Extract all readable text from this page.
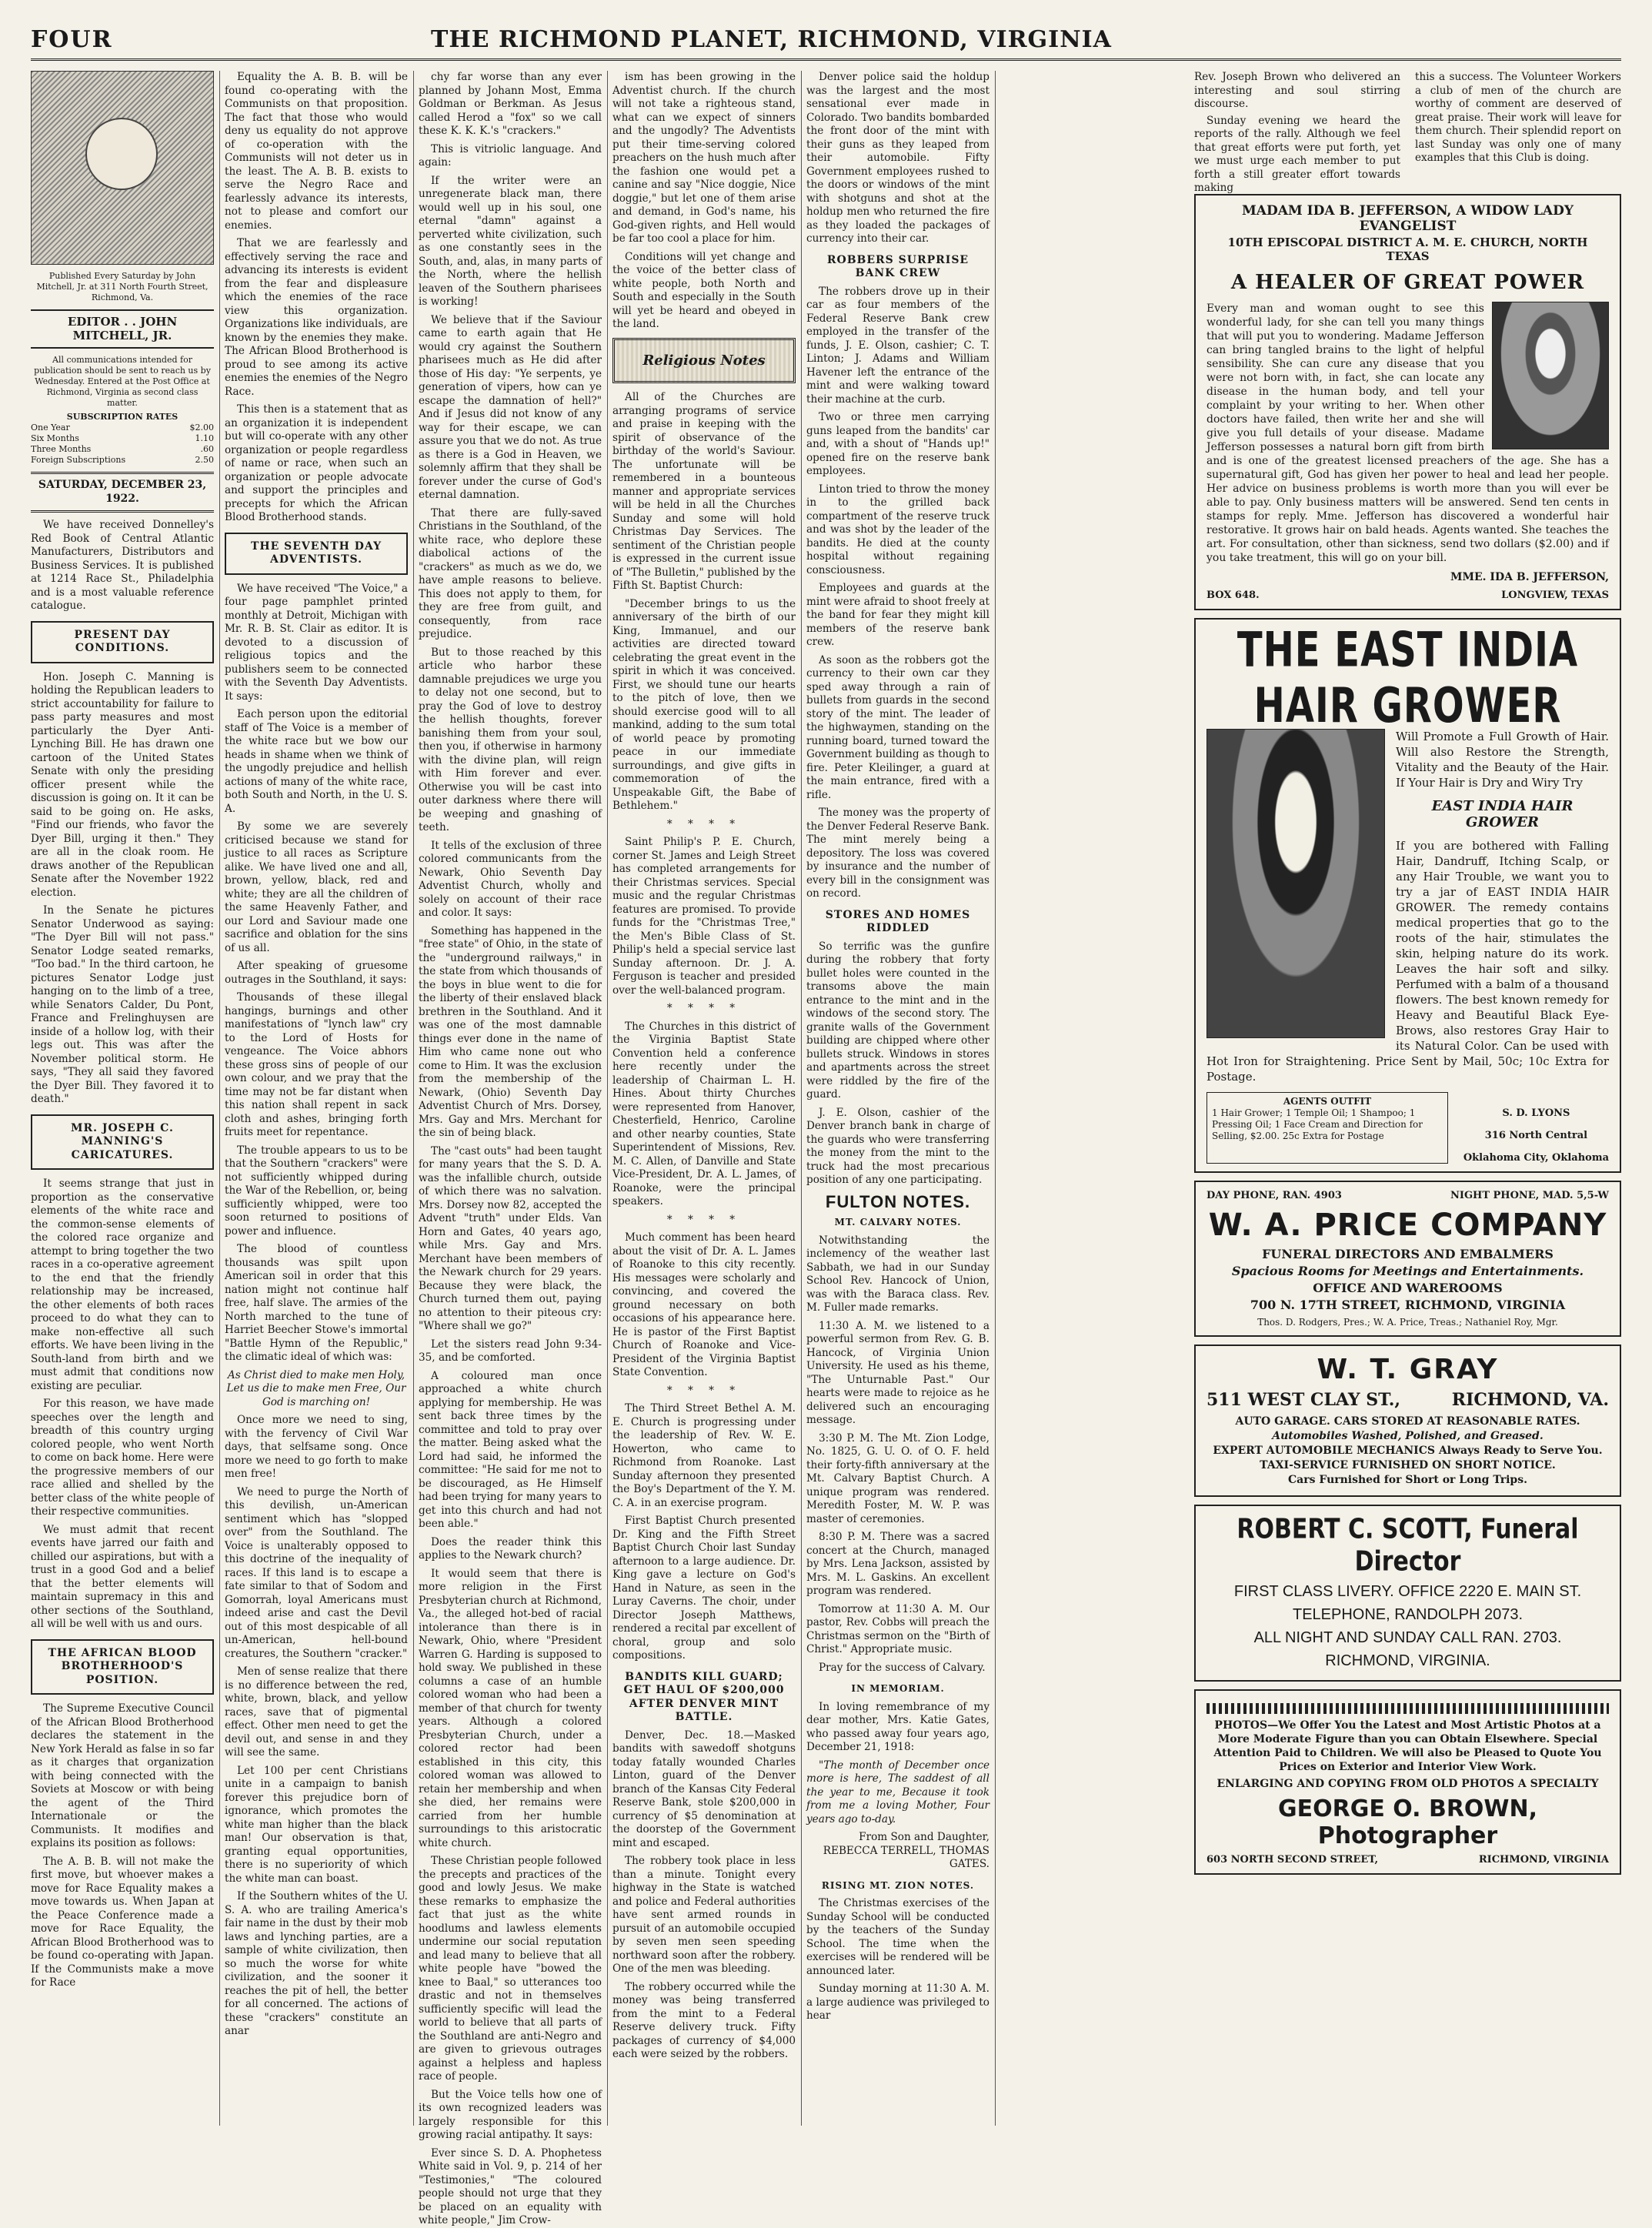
FOUR	THE RICHMOND PLANET, RICHMOND, VIRGINIA
Published Every Saturday by John Mitchell, Jr. at 311 North Fourth Street, Richmond, Va.
EDITOR . . JOHN MITCHELL, JR.
All communications intended for publication should be sent to reach us by Wednesday. Entered at the Post Office at Richmond, Virginia as second class matter.
SUBSCRIPTION RATES
One Year	$2.00
Six Months	1.10
Three Months	.60
Foreign Subscriptions	2.50
SATURDAY, DECEMBER 23, 1922.

We have received Donnelley's Red Book of Central Atlantic Manufacturers, Distributors and Business Services. It is published at 1214 Race St., Philadelphia and is a most valuable reference catalogue.

PRESENT DAY CONDITIONS.

Hon. Joseph C. Manning is holding the Republican leaders to strict accountability for failure to pass party measures and most particularly the Dyer Anti-Lynching Bill. He has drawn one cartoon of the United States Senate with only the presiding officer present while the discussion is going on. It it can be said to be going on. He asks, "Find our friends, who favor the Dyer Bill, urging it then." They are all in the cloak room. He draws another of the Republican Senate after the November 1922 election.

In the Senate he pictures Senator Underwood as saying: "The Dyer Bill will not pass." Senator Lodge seated remarks, "Too bad." In the third cartoon, he pictures Senator Lodge just hanging on to the limb of a tree, while Senators Calder, Du Pont, France and Frelinghuysen are inside of a hollow log, with their legs out. This was after the November political storm. He says, "They all said they favored the Dyer Bill. They favored it to death."

MR. JOSEPH C. MANNING'S CARICATURES.

It seems strange that just in proportion as the conservative elements of the white race and the common-sense elements of the colored race organize and attempt to bring together the two races in a co-operative agreement to the end that the friendly relationship may be increased, the other elements of both races proceed to do what they can to make non-effective all such efforts. We have been living in the South-land from birth and we must admit that conditions now existing are peculiar.

For this reason, we have made speeches over the length and breadth of this country urging colored people, who went North to come on back home. Here were the progressive members of our race allied and shelled by the better class of the white people of their respective communities.

We must admit that recent events have jarred our faith and chilled our aspirations, but with a trust in a good God and a belief that the better elements will maintain supremacy in this and other sections of the Southland, all will be well with us and ours.

THE AFRICAN BLOOD BROTHERHOOD'S POSITION.

The Supreme Executive Council of the African Blood Brotherhood declares the statement in the New York Herald as false in so far as it charges that organization with being connected with the Soviets at Moscow or with being the agent of the Third Internationale or the Communists. It modifies and explains its position as follows:

The A. B. B. will not make the first move, but whoever makes a move for Race Equality makes a move towards us. When Japan at the Peace Conference made a move for Race Equality, the African Blood Brotherhood was to be found co-operating with Japan. If the Communists make a move for Race

Equality the A. B. B. will be found co-operating with the Communists on that proposition. The fact that those who would deny us equality do not approve of co-operation with the Communists will not deter us in the least. The A. B. B. exists to serve the Negro Race and fearlessly advance its interests, not to please and comfort our enemies.

That we are fearlessly and effectively serving the race and advancing its interests is evident from the fear and displeasure which the enemies of the race view this organization. Organizations like individuals, are known by the enemies they make. The African Blood Brotherhood is proud to see among its active enemies the enemies of the Negro Race.

This then is a statement that as an organization it is independent but will co-operate with any other organization or people regardless of name or race, when such an organization or people advocate and support the principles and precepts for which the African Blood Brotherhood stands.

THE SEVENTH DAY ADVENTISTS.

We have received "The Voice," a four page pamphlet printed monthly at Detroit, Michigan with Mr. R. B. St. Clair as editor. It is devoted to a discussion of religious topics and the publishers seem to be connected with the Seventh Day Adventists. It says:

Each person upon the editorial staff of The Voice is a member of the white race but we bow our heads in shame when we think of the ungodly prejudice and hellish actions of many of the white race, both South and North, in the U. S. A.

By some we are severely criticised because we stand for justice to all races as Scripture alike. We have lived one and all, brown, yellow, black, red and white; they are all the children of the same Heavenly Father, and our Lord and Saviour made one sacrifice and oblation for the sins of us all.

After speaking of gruesome outrages in the Southland, it says:

Thousands of these illegal hangings, burnings and other manifestations of "lynch law" cry to the Lord of Hosts for vengeance. The Voice abhors these gross sins of people of our own colour, and we pray that the time may not be far distant when this nation shall repent in sack cloth and ashes, bringing forth fruits meet for repentance.

The trouble appears to us to be that the Southern "crackers" were not sufficiently whipped during the War of the Rebellion, or, being sufficiently whipped, were too soon returned to positions of power and influence.

The blood of countless thousands was spilt upon American soil in order that this nation might not continue half free, half slave. The armies of the North marched to the tune of Harriet Beecher Stowe's immortal "Battle Hymn of the Republic," the climatic ideal of which was:

As Christ died to make men Holy, Let us die to make men Free, Our God is marching on!

Once more we need to sing, with the fervency of Civil War days, that selfsame song. Once more we need to go forth to make men free!

We need to purge the North of this devilish, un-American sentiment which has "slopped over" from the Southland. The Voice is unalterably opposed to this doctrine of the inequality of races. If this land is to escape a fate similar to that of Sodom and Gomorrah, loyal Americans must indeed arise and cast the Devil out of this most despicable of all un-American, hell-bound creatures, the Southern "cracker."

Men of sense realize that there is no difference between the red, white, brown, black, and yellow races, save that of pigmental effect. Other men need to get the devil out, and sense in and they will see the same.

Let 100 per cent Christians unite in a campaign to banish forever this prejudice born of ignorance, which promotes the white man higher than the black man! Our observation is that, granting equal opportunities, there is no superiority of which the white man can boast.

If the Southern whites of the U. S. A. who are trailing America's fair name in the dust by their mob laws and lynching parties, are a sample of white civilization, then so much the worse for white civilization, and the sooner it reaches the pit of hell, the better for all concerned. The actions of these "crackers" constitute an anar

chy far worse than any ever planned by Johann Most, Emma Goldman or Berkman. As Jesus called Herod a "fox" so we call these K. K. K.'s "crackers."

This is vitriolic language. And again:

If the writer were an unregenerate black man, there would well up in his soul, one eternal "damn" against a perverted white civilization, such as one constantly sees in the South, and, alas, in many parts of the North, where the hellish leaven of the Southern pharisees is working!

We believe that if the Saviour came to earth again that He would cry against the Southern pharisees much as He did after those of His day: "Ye serpents, ye generation of vipers, how can ye escape the damnation of hell?" And if Jesus did not know of any way for their escape, we can assure you that we do not. As true as there is a God in Heaven, we solemnly affirm that they shall be forever under the curse of God's eternal damnation.

That there are fully-saved Christians in the Southland, of the white race, who deplore these diabolical actions of the "crackers" as much as we do, we have ample reasons to believe. This does not apply to them, for they are free from guilt, and consequently, from race prejudice.

But to those reached by this article who harbor these damnable prejudices we urge you to delay not one second, but to pray the God of love to destroy the hellish thoughts, forever banishing them from your soul, then you, if otherwise in harmony with the divine plan, will reign with Him forever and ever. Otherwise you will be cast into outer darkness where there will be weeping and gnashing of teeth.

It tells of the exclusion of three colored communicants from the Newark, Ohio Seventh Day Adventist Church, wholly and solely on account of their race and color. It says:

Something has happened in the "free state" of Ohio, in the state of the "underground railways," in the state from which thousands of the boys in blue went to die for the liberty of their enslaved black brethren in the Southland. And it was one of the most damnable things ever done in the name of Him who came none out who come to Him. It was the exclusion from the membership of the Newark, (Ohio) Seventh Day Adventist Church of Mrs. Dorsey, Mrs. Gay and Mrs. Merchant for the sin of being black.

The "cast outs" had been taught for many years that the S. D. A. was the infallible church, outside of which there was no salvation. Mrs. Dorsey now 82, accepted the Advent "truth" under Elds. Van Horn and Gates, 40 years ago, while Mrs. Gay and Mrs. Merchant have been members of the Newark church for 29 years. Because they were black, the Church turned them out, paying no attention to their piteous cry: "Where shall we go?"

Let the sisters read John 9:34-35, and be comforted.

A coloured man once approached a white church applying for membership. He was sent back three times by the committee and told to pray over the matter. Being asked what the Lord had said, he informed the committee: "He said for me not to be discouraged, as He Himself had been trying for many years to get into this church and had not been able."

Does the reader think this applies to the Newark church?

It would seem that there is more religion in the First Presbyterian church at Richmond, Va., the alleged hot-bed of racial intolerance than there is in Newark, Ohio, where "President Warren G. Harding is supposed to hold sway. We published in these columns a case of an humble colored woman who had been a member of that church for twenty years. Although a colored Presbyterian Church, under a colored rector had been established in this city, this colored woman was allowed to retain her membership and when she died, her remains were carried from her humble surroundings to this aristocratic white church.

These Christian people followed the precepts and practices of the good and lowly Jesus. We make these remarks to emphasize the fact that just as the white hoodlums and lawless elements undermine our social reputation and lead many to believe that all white people have "bowed the knee to Baal," so utterances too drastic and not in themselves sufficiently specific will lead the world to believe that all parts of the Southland are anti-Negro and are given to grievous outrages against a helpless and hapless race of people.

But the Voice tells how one of its own recognized leaders was largely responsible for this growing racial antipathy. It says:

Ever since S. D. A. Phophetess White said in Vol. 9, p. 214 of her "Testimonies," "The coloured people should not urge that they be placed on an equality with white people," Jim Crow-

ism has been growing in the Adventist church. If the church will not take a righteous stand, what can we expect of sinners and the ungodly? The Adventists put their time-serving colored preachers on the hush much after the fashion one would pet a canine and say "Nice doggie, Nice doggie," but let one of them arise and demand, in God's name, his God-given rights, and Hell would be far too cool a place for him.

Conditions will yet change and the voice of the better class of white people, both North and South and especially in the South will yet be heard and obeyed in the land.

Religious Notes

All of the Churches are arranging programs of service and praise in keeping with the spirit of observance of the birthday of the world's Saviour. The unfortunate will be remembered in a bounteous manner and appropriate services will be held in all the Churches Sunday and some will hold Christmas Day Services. The sentiment of the Christian people is expressed in the current issue of "The Bulletin," published by the Fifth St. Baptist Church:

"December brings to us the anniversary of the birth of our King, Immanuel, and our activities are directed toward celebrating the great event in the spirit in which it was conceived. First, we should tune our hearts to the pitch of love, then we should exercise good will to all mankind, adding to the sum total of world peace by promoting peace in our immediate surroundings, and give gifts in commemoration of the Unspeakable Gift, the Babe of Bethlehem."

* * * *

Saint Philip's P. E. Church, corner St. James and Leigh Street has completed arrangements for their Christmas services. Special music and the regular Christmas features are promised. To provide funds for the "Christmas Tree," the Men's Bible Class of St. Philip's held a special service last Sunday afternoon. Dr. J. A. Ferguson is teacher and presided over the well-balanced program.

* * * *

The Churches in this district of the Virginia Baptist State Convention held a conference here recently under the leadership of Chairman L. H. Hines. About thirty Churches were represented from Hanover, Chesterfield, Henrico, Caroline and other nearby counties, State Superintendent of Missions, Rev. M. C. Allen, of Danville and State Vice-President, Dr. A. L. James, of Roanoke, were the principal speakers.

* * * *

Much comment has been heard about the visit of Dr. A. L. James of Roanoke to this city recently. His messages were scholarly and convincing, and covered the ground necessary on both occasions of his appearance here. He is pastor of the First Baptist Church of Roanoke and Vice-President of the Virginia Baptist State Convention.

* * * *

The Third Street Bethel A. M. E. Church is progressing under the leadership of Rev. W. E. Howerton, who came to Richmond from Roanoke. Last Sunday afternoon they presented the Boy's Department of the Y. M. C. A. in an exercise program.

First Baptist Church presented Dr. King and the Fifth Street Baptist Church Choir last Sunday afternoon to a large audience. Dr. King gave a lecture on God's Hand in Nature, as seen in the Luray Caverns. The choir, under Director Joseph Matthews, rendered a recital par excellent of choral, group and solo compositions.

BANDITS KILL GUARD; GET HAUL OF $200,000 AFTER DENVER MINT BATTLE.

Denver, Dec. 18.—Masked bandits with sawedoff shotguns today fatally wounded Charles Linton, guard of the Denver branch of the Kansas City Federal Reserve Bank, stole $200,000 in currency of $5 denomination at the doorstep of the Government mint and escaped.

The robbery took place in less than a minute. Tonight every highway in the State is watched and police and Federal authorities have sent armed rounds in pursuit of an automobile occupied by seven men seen speeding northward soon after the robbery. One of the men was bleeding.

The robbery occurred while the money was being transferred from the mint to a Federal Reserve delivery truck. Fifty packages of currency of $4,000 each were seized by the robbers.

Denver police said the holdup was the largest and the most sensational ever made in Colorado. Two bandits bombarded the front door of the mint with their guns as they leaped from their automobile. Fifty Government employees rushed to the doors or windows of the mint with shotguns and shot at the holdup men who returned the fire as they loaded the packages of currency into their car.

ROBBERS SURPRISE BANK CREW

The robbers drove up in their car as four members of the Federal Reserve Bank crew employed in the transfer of the funds, J. E. Olson, cashier; C. T. Linton; J. Adams and William Havener left the entrance of the mint and were walking toward their machine at the curb.

Two or three men carrying guns leaped from the bandits' car and, with a shout of "Hands up!" opened fire on the reserve bank employees.

Linton tried to throw the money in to the grilled back compartment of the reserve truck and was shot by the leader of the bandits. He died at the county hospital without regaining consciousness.

Employees and guards at the mint were afraid to shoot freely at the band for fear they might kill members of the reserve bank crew.

As soon as the robbers got the currency to their own car they sped away through a rain of bullets from guards in the second story of the mint. The leader of the highwaymen, standing on the running board, turned toward the Government building as though to fire. Peter Kleilinger, a guard at the main entrance, fired with a rifle.

The money was the property of the Denver Federal Reserve Bank. The mint merely being a depository. The loss was covered by insurance and the number of every bill in the consignment was on record.

STORES AND HOMES RIDDLED

So terrific was the gunfire during the robbery that forty bullet holes were counted in the transoms above the main entrance to the mint and in the windows of the second story. The granite walls of the Government building are chipped where other bullets struck. Windows in stores and apartments across the street were riddled by the fire of the guard.

J. E. Olson, cashier of the Denver branch bank in charge of the guards who were transferring the money from the mint to the truck had the most precarious position of any one participating.

FULTON NOTES.
MT. CALVARY NOTES.

Notwithstanding the inclemency of the weather last Sabbath, we had in our Sunday School Rev. Hancock of Union, was with the Baraca class. Rev. M. Fuller made remarks.

11:30 A. M. we listened to a powerful sermon from Rev. G. B. Hancock, of Virginia Union University. He used as his theme, "The Unturnable Past." Our hearts were made to rejoice as he delivered such an encouraging message.

3:30 P. M. The Mt. Zion Lodge, No. 1825, G. U. O. of O. F. held their forty-fifth anniversary at the Mt. Calvary Baptist Church. A unique program was rendered. Meredith Foster, M. W. P. was master of ceremonies.

8:30 P. M. There was a sacred concert at the Church, managed by Mrs. Lena Jackson, assisted by Mrs. M. L. Gaskins. An excellent program was rendered.

Tomorrow at 11:30 A. M. Our pastor, Rev. Cobbs will preach the Christmas sermon on the "Birth of Christ." Appropriate music.

Pray for the success of Calvary.

IN MEMORIAM.

In loving remembrance of my dear mother, Mrs. Katie Gates, who passed away four years ago, December 21, 1918:

"The month of December once more is here, The saddest of all the year to me, Because it took from me a loving Mother, Four years ago to-day.

From Son and Daughter, REBECCA TERRELL, THOMAS GATES.

RISING MT. ZION NOTES.

The Christmas exercises of the Sunday School will be conducted by the teachers of the Sunday School. The time when the exercises will be rendered will be announced later.

Sunday morning at 11:30 A. M. a large audience was privileged to hear

Rev. Joseph Brown who delivered an interesting and soul stirring discourse.

Sunday evening we heard the reports of the rally. Although we feel that great efforts were put forth, yet we must urge each member to put forth a still greater effort towards making

this a success. The Volunteer Workers a club of men of the church are worthy of comment are deserved of great praise. Their work will leave for them church. Their splendid report on last Sunday was only one of many examples that this Club is doing.

MADAM IDA B. JEFFERSON, A WIDOW LADY EVANGELIST
10TH EPISCOPAL DISTRICT A. M. E. CHURCH, NORTH TEXAS
A HEALER OF GREAT POWER
Every man and woman ought to see this wonderful lady, for she can tell you many things that will put you to wondering. Madame Jefferson can bring tangled brains to the light of helpful sensibility. She can cure any disease that you were not born with, in fact, she can locate any disease in the human body, and tell your complaint by your writing to her. When other doctors have failed, then write her and she will give you full details of your disease. Madame Jefferson possesses a natural born gift from birth and is one of the greatest licensed preachers of the age. She has a supernatural gift, God has given her power to heal and lead her people. Her advice on business problems is worth more than you will ever be able to pay. Only business matters will be answered. Send ten cents in stamps for reply. Mme. Jefferson has discovered a wonderful hair restorative. It grows hair on bald heads. Agents wanted. She teaches the art. For consultation, other than sickness, send two dollars ($2.00) and if you take treatment, this will go on your bill.
MME. IDA B. JEFFERSON,
BOX 648.	LONGVIEW, TEXAS
THE EAST INDIA HAIR GROWER
Will Promote a Full Growth of Hair. Will also Restore the Strength, Vitality and the Beauty of the Hair. If Your Hair is Dry and Wiry Try
EAST INDIA HAIR GROWER
If you are bothered with Falling Hair, Dandruff, Itching Scalp, or any Hair Trouble, we want you to try a jar of EAST INDIA HAIR GROWER. The remedy contains medical properties that go to the roots of the hair, stimulates the skin, helping nature do its work. Leaves the hair soft and silky. Perfumed with a balm of a thousand flowers. The best known remedy for Heavy and Beautiful Black Eye-Brows, also restores Gray Hair to its Natural Color. Can be used with Hot Iron for Straightening. Price Sent by Mail, 50c; 10c Extra for Postage.
AGENTS OUTFIT
1 Hair Grower; 1 Temple Oil; 1 Shampoo; 1 Pressing Oil; 1 Face Cream and Direction for Selling, $2.00. 25c Extra for Postage
S. D. LYONS
316 North Central
Oklahoma City, Oklahoma
DAY PHONE, RAN. 4903	NIGHT PHONE, MAD. 5,5-W
W. A. PRICE COMPANY
FUNERAL DIRECTORS AND EMBALMERS
Spacious Rooms for Meetings and Entertainments.
OFFICE AND WAREROOMS
700 N. 17TH STREET, RICHMOND, VIRGINIA
Thos. D. Rodgers, Pres.; W. A. Price, Treas.; Nathaniel Roy, Mgr.
W. T. GRAY
511 WEST CLAY ST.,	RICHMOND, VA.
AUTO GARAGE. CARS STORED AT REASONABLE RATES.
Automobiles Washed, Polished, and Greased.
EXPERT AUTOMOBILE MECHANICS Always Ready to Serve You.
TAXI-SERVICE FURNISHED ON SHORT NOTICE.
Cars Furnished for Short or Long Trips.
ROBERT C. SCOTT, Funeral Director
FIRST CLASS LIVERY. OFFICE 2220 E. MAIN ST.
TELEPHONE, RANDOLPH 2073.
ALL NIGHT AND SUNDAY CALL RAN. 2703.
RICHMOND, VIRGINIA.
PHOTOS—We Offer You the Latest and Most Artistic Photos at a More Moderate Figure than you can Obtain Elsewhere. Special Attention Paid to Children. We will also be Pleased to Quote You Prices on Exterior and Interior View Work.
ENLARGING AND COPYING FROM OLD PHOTOS A SPECIALTY
GEORGE O. BROWN, Photographer
603 NORTH SECOND STREET,	RICHMOND, VIRGINIA
